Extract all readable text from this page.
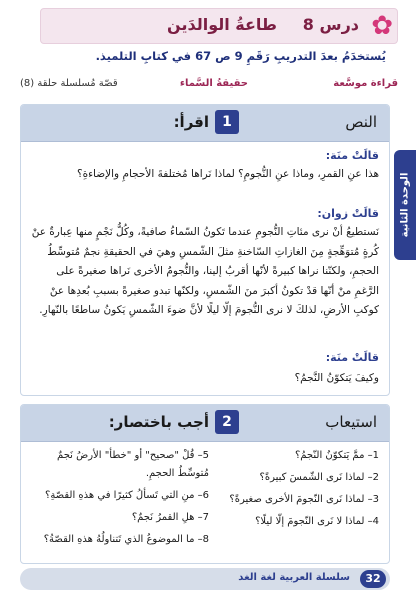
✿
درس 8
طاعةُ الوالدَين
يُستخدَمُ بعدَ التدريبِ رَقَمِ 9 ص 67 في كتابِ التلميذ.
قراءة موسَّعة
حقيقةُ السَّماء
قصّة مُسلسلة حلقة (8)
الوحدة الثانية
النص
1
اقرأ:
قالَتْ منَة:
هذا عنِ القمرِ، وماذا عنِ النُّجومِ؟ لماذا نَراها مُختلفةَ الأحجامِ والإضاءةِ؟
قالَتْ زوان:
نَستطيعُ أنْ نرى مئاتِ النُّجومِ عندما تَكونُ السّماءُ صافيةً، وكُلُّ نَجْمٍ منها عِبارةٌ عنْ كُرةٍ مُتوَهِّجةٍ مِنَ الغازاتِ السّاخنةِ مثلَ الشّمسِ وهيَ في الحقيقةِ نجمٌ مُتوسِّطُ الحجمِ، ولكنّنا نراها كبيرةً لأنّها أقربُ إلينا، والنُّجومُ الأخرى نَراها صغيرةً على الرَّغمِ منْ أنّها قدْ تكونُ أكبرَ منَ الشّمسِ، ولكنّها تبدو صغيرةً بسببِ بُعدِها عنْ كوكبِ الأرضِ، لذلكَ لا نرى النُّجومَ إلّا ليلًا لأنَّ ضوءَ الشّمسِ يَكونُ ساطعًا بالنّهارِ.
قالَتْ منَة:
وكيفَ يَتكوّنُ النَّجمُ؟
استيعاب
2
أجب باختصار:

1– ممَّ يَتكوّنُ النّجمُ؟

2– لماذا نَرى الشّمسَ كبيرةً؟

3– لماذا نَرى النّجومَ الأخرى صغيرةً؟

4– لماذا لا نَرى النّجومَ إلّا ليلًا؟

5– قُلْ "صحيح" أو "خطأ" الأرضُ نَجمٌ مُتوسِّطُ الحجمِ.

6– منِ التي تَسألُ كثيرًا في هذهِ القصّةِ؟

7– هلِ القمرُ نَجمٌ؟

8– ما الموضوعُ الذي تَتناولُهُ هذهِ القصّةُ؟

32
سلسلة العربية لغة الغد
